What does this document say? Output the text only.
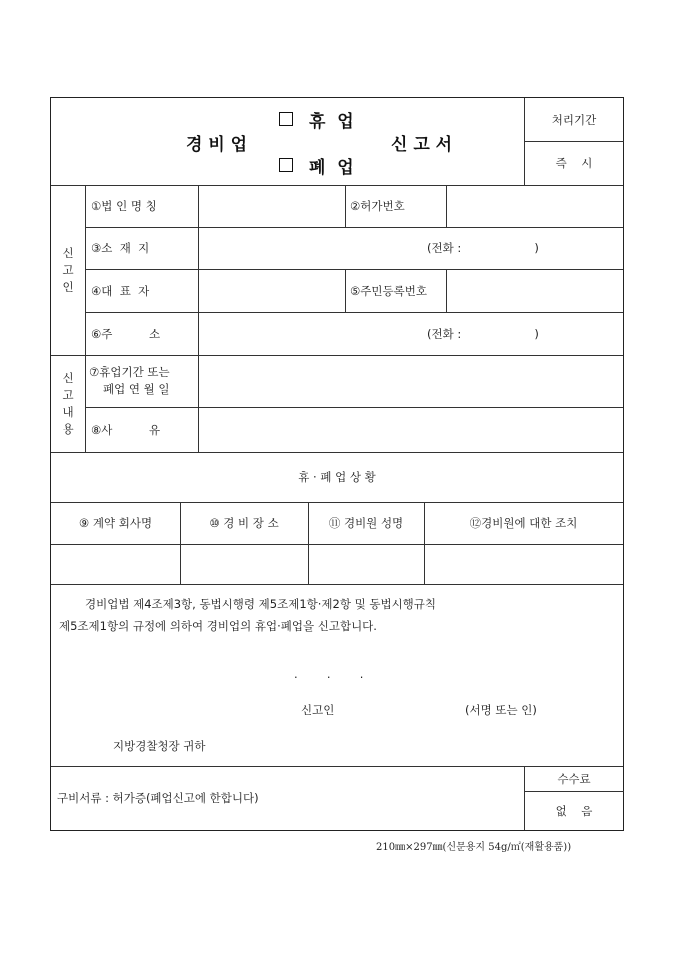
경 비 업
휴  업
폐  업
신 고 서
처리기간
즉    시
신
고
인
①법 인 명 칭	②허가번호
③소  재  지	(전화 :                    )
④대  표  자	⑤주민등록번호
⑥주          소	(전화 :                    )
신
고
내
용
⑦휴업기간 또는
폐업 연 월 일
⑧사          유
휴 · 폐 업 상 황
⑨ 계약 회사명	⑩ 경 비 장 소	⑪ 경비원 성명	⑫경비원에 대한 조치
경비업법 제4조제3항, 동법시행령 제5조제1항·제2항 및 동법시행규칙
제5조제1항의 규정에 의하여 경비업의 휴업·폐업을 신고합니다.
.        .        .
신고인	(서명 또는 인)
지방경찰청장 귀하
구비서류 : 허가증(폐업신고에 한합니다)
수수료
없    음
210㎜×297㎜(신문용지 54g/㎡(재활용품))
